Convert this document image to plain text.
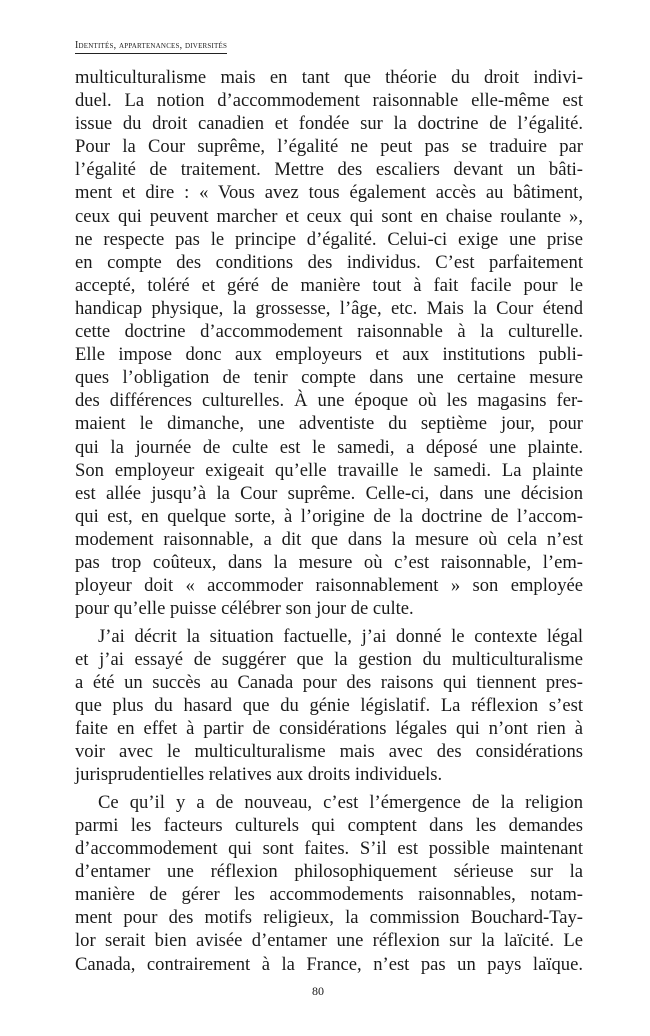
Identités, appartenances, diversités
multiculturalisme mais en tant que théorie du droit indivi-
duel. La notion d’accommodement raisonnable elle-même est
issue du droit canadien et fondée sur la doctrine de l’égalité.
Pour la Cour suprême, l’égalité ne peut pas se traduire par
l’égalité de traitement. Mettre des escaliers devant un bâti-
ment et dire : « Vous avez tous également accès au bâtiment,
ceux qui peuvent marcher et ceux qui sont en chaise roulante »,
ne respecte pas le principe d’égalité. Celui-ci exige une prise
en compte des conditions des individus. C’est parfaitement
accepté, toléré et géré de manière tout à fait facile pour le
handicap physique, la grossesse, l’âge, etc. Mais la Cour étend
cette doctrine d’accommodement raisonnable à la culturelle.
Elle impose donc aux employeurs et aux institutions publi-
ques l’obligation de tenir compte dans une certaine mesure
des différences culturelles. À une époque où les magasins fer-
maient le dimanche, une adventiste du septième jour, pour
qui la journée de culte est le samedi, a déposé une plainte.
Son employeur exigeait qu’elle travaille le samedi. La plainte
est allée jusqu’à la Cour suprême. Celle-ci, dans une décision
qui est, en quelque sorte, à l’origine de la doctrine de l’accom-
modement raisonnable, a dit que dans la mesure où cela n’est
pas trop coûteux, dans la mesure où c’est raisonnable, l’em-
ployeur doit « accommoder raisonnablement » son employée
pour qu’elle puisse célébrer son jour de culte.
J’ai décrit la situation factuelle, j’ai donné le contexte légal
et j’ai essayé de suggérer que la gestion du multiculturalisme
a été un succès au Canada pour des raisons qui tiennent pres-
que plus du hasard que du génie législatif. La réflexion s’est
faite en effet à partir de considérations légales qui n’ont rien à
voir avec le multiculturalisme mais avec des considérations
jurisprudentielles relatives aux droits individuels.
Ce qu’il y a de nouveau, c’est l’émergence de la religion
parmi les facteurs culturels qui comptent dans les demandes
d’accommodement qui sont faites. S’il est possible maintenant
d’entamer une réflexion philosophiquement sérieuse sur la
manière de gérer les accommodements raisonnables, notam-
ment pour des motifs religieux, la commission Bouchard-Tay-
lor serait bien avisée d’entamer une réflexion sur la laïcité. Le
Canada, contrairement à la France, n’est pas un pays laïque.
80
